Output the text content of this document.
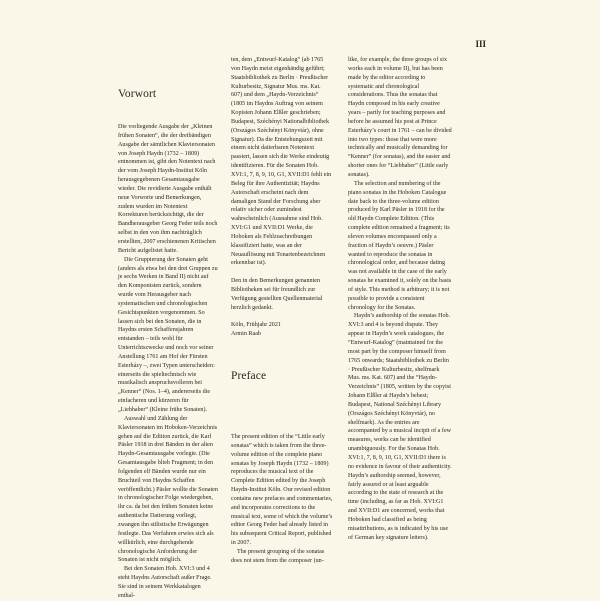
III
Vorwort

Die vorliegende Ausgabe der „Kleinen frühen Sonaten“, die der dreibändigen Ausgabe der sämtlichen Klaviersonaten von Joseph Haydn (1732 – 1809) entnommen ist, gibt den Notentext nach der vom Joseph Haydn-Institut Köln herausgegebenen Gesamtausgabe wieder. Die revidierte Ausgabe enthält neue Vorworte und Bemerkungen, zudem wurden im Notentext Korrekturen berücksichtigt, die der Bandherausgeber Georg Feder teils noch selbst in den von ihm nachträglich erstellten, 2007 erschienenen Kritischen Bericht aufgelistet hatte.

Die Gruppierung der Sonaten geht (anders als etwa bei den drei Gruppen zu je sechs Werken in Band II) nicht auf den Komponisten zurück, sondern wurde vom Herausgeber nach systematischen und chronologischen Gesichtspunkten vorgenommen. So lassen sich bei den Sonaten, die in Haydns ersten Schaffensjahren entstanden – teils wohl für Unterrichtszwecke und noch vor seiner Anstellung 1761 am Hof der Fürsten Esterházy –, zwei Typen unterscheiden: einerseits die spieltechnisch wie musikalisch anspruchsvolleren bei „Kenner“ (Nos. 1–4), andererseits die einfacheren und kürzeren für „Liebhaber“ (Kleine frühe Sonaten).

Auswahl und Zählung der Klaviersonaten im Hoboken-Verzeichnis gehen auf die Edition zurück, die Karl Päsler 1918 in drei Bänden in der alten Haydn-Gesamtausgabe vorlegte. (Die Gesamtausgabe blieb Fragment; in den folgenden elf Bänden wurde nur ein Bruchteil von Haydns Schaffen veröffentlicht.) Päsler wollte die Sonaten in chronologischer Folge wiedergeben, ihr ca. da bei den frühen Sonaten keine authentische Datierung vorliegt, zwangen ihn stilistische Erwägungen festlegte. Das Verfahren erwies sich als willkürlich, eine durchgehende chronologische Anforderung der Sonaten ist nicht möglich.

Bei den Sonaten Hob. XVI:3 und 4 steht Haydns Autorschaft außer Frage. Sie sind in seinem Werkkatalogen enthal-

ten, dem „Entwurf-Katalog“ (ab 1765 von Haydn meist eigenhändig geführt; Staatsbibliothek zu Berlin · Preußischer Kulturbesitz, Signatur Mus. ms. Kat. 607) und dem „Haydn-Verzeichnis“ (1805 im Haydns Auftrag von seinem Kopisten Johann Elßler geschrieben; Budapest, Széchényi Nationalbibliothek (Országos Széchényi Könyvtár), ohne Signatur). Da die Entstehungszeit mit einem nicht datierbaren Notentext passiert, lassen sich die Werke eindeutig identifizieren. Für die Sonaten Hob. XVI:1, 7, 8, 9, 10, G1, XVII:D1 fehlt ein Beleg für ihre Authentizität; Haydns Autorschaft erscheint nach dem damaligen Stand der Forschung aber relativ sicher oder zumindest wahrscheinlich (Ausnahme sind Hob. XVI:G1 und XVII:D1 Werke, die Hoboken als Fehlzuschreibungen klassifiziert hatte, was an der Neuauflösung mit Tonartenbezeichnen erkennbar ist).

Den in den Bemerkungen genannten Bibliotheken sei für freundlich zur Verfügung gestellten Quellenmaterial herzlich gedankt.

Köln, Frühjahr 2021

Armin Raab

Preface

The present edition of the “Little early sonatas” which is taken from the three-volume edition of the complete piano sonatas by Joseph Haydn (1732 – 1809) reproduces the musical text of the Complete Edition edited by the Joseph Haydn-Institut Köln. Our revised edition contains new prefaces and commentaries, and incorporates corrections to the musical text, some of which the volume’s editor Georg Feder had already listed in his subsequent Critical Report, published in 2007.

The present grouping of the sonatas does not stem from the composer (un-

like, for example, the three groups of six works each in volume II), but has been made by the editor according to systematic and chronological considerations. Thus the sonatas that Haydn composed in his early creative years – partly for teaching purposes and before he assumed his post at Prince Esterházy’s court in 1761 – can be divided into two types: those that were more technically and musically demanding for “Kenner” (for sonatas), and the easier and shorter ones for “Liebhaber” (Little early sonatas).

The selection and numbering of the piano sonatas in the Hoboken Catalogue date back to the three-volume edition produced by Karl Päsler in 1918 for the old Haydn Complete Edition. (This complete edition remained a fragment; its eleven volumes encompassed only a fraction of Haydn’s oeuvre.) Päsler wanted to reproduce the sonatas in chronological order, and because dating was not available in the case of the early sonatas he examined it, solely on the basis of style. This method is arbitrary; it is not possible to provide a consistent chronology for the Sonatas.

Haydn’s authorship of the sonatas Hob. XVI:3 and 4 is beyond dispute. They appear in Haydn’s work catalogues, the “Entwurf-Katalog” (maintained for the most part by the composer himself from 1765 onwards; Staatsbibliothek zu Berlin · Preußischer Kulturbesitz, shelfmark Mus. ms. Kat. 607) and the “Haydn-Verzeichnis” (1805, written by the copyist Johann Elßler at Haydn’s behest; Budapest, National Széchényi Library (Országos Széchényi Könyvtár), no shelfmark). As the entries are accompanied by a musical incipit of a few measures, works can be identified unambiguously. For the Sonatas Hob. XVI:1, 7, 8, 9, 10, G1, XVII:D1 there is no evidence in favour of their authenticity. Haydn’s authorship seemed, however, fairly assured or at least arguable according to the state of research at the time (including, as far as Hob. XVI:G1 and XVII:D1 are concerned, works that Hoboken had classified as being misattributions, as is indicated by his use of German key signature letters).
